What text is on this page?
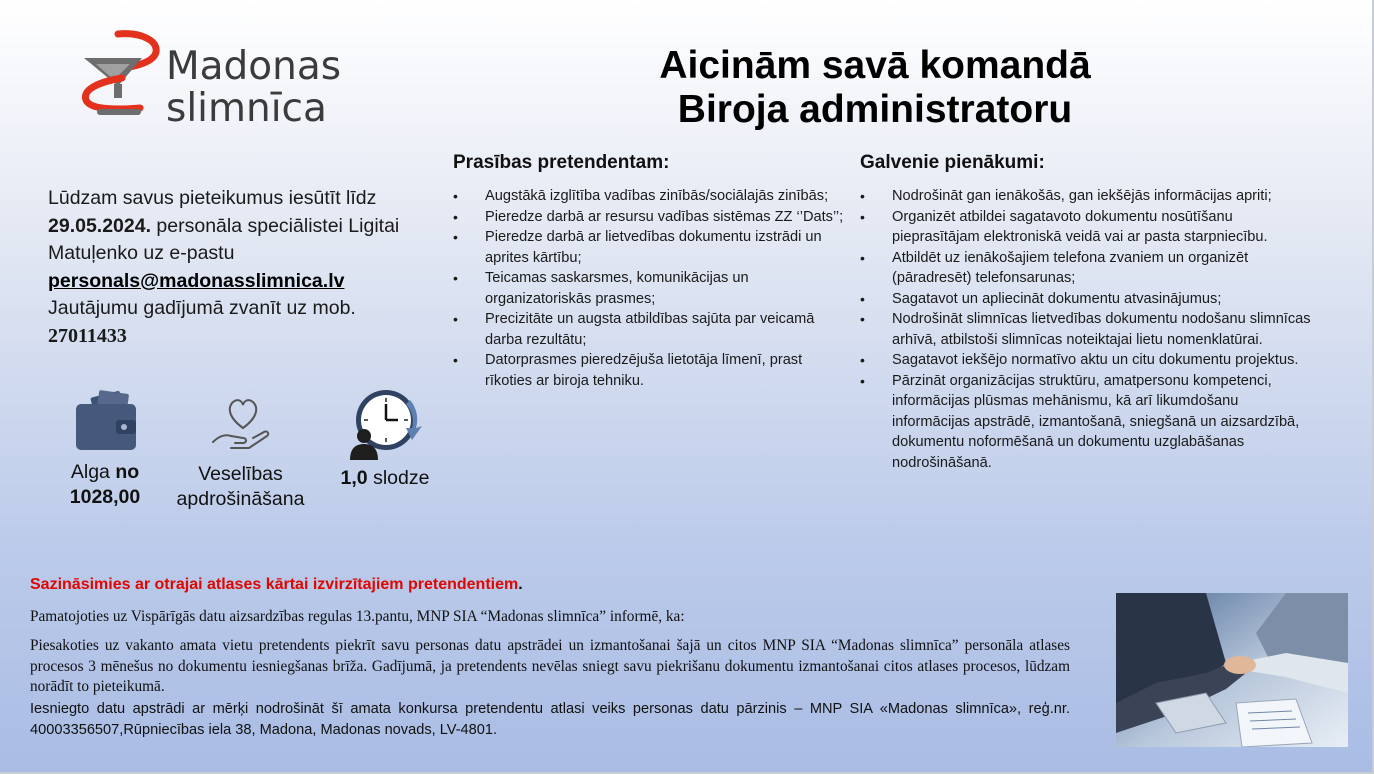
Madonas
slimnīca
Aicinām savā komandā
Biroja administratoru
Lūdzam savus pieteikumus iesūtīt līdz 29.05.2024. personāla speciālistei Ligitai Matuļenko uz e-pastu
personals@madonasslimnica.lv
Jautājumu gadījumā zvanīt uz mob.
27011433
Alga no 1028,00
Veselības apdrošināšana
1,0 slodze
Prasības pretendentam:
• Augstākā izglītība vadības zinībās/sociālajās zinībās;
• Pieredze darbā ar resursu vadības sistēmas ZZ ‘’Dats’’;
• Pieredze darbā ar lietvedības dokumentu izstrādi un aprites kārtību;
• Teicamas saskarsmes, komunikācijas un organizatoriskās prasmes;
• Precizitāte un augsta atbildības sajūta par veicamā darba rezultātu;
• Datorprasmes pieredzējuša lietotāja līmenī, prast rīkoties ar biroja tehniku.
Galvenie pienākumi:
• Nodrošināt gan ienākošās, gan iekšējās informācijas apriti;
• Organizēt atbildei sagatavoto dokumentu nosūtīšanu pieprasītājam elektroniskā veidā vai ar pasta starpniecību.
• Atbildēt uz ienākošajiem telefona zvaniem un organizēt (pāradresēt) telefonsarunas;
• Sagatavot un apliecināt dokumentu atvasinājumus;
• Nodrošināt slimnīcas lietvedības dokumentu nodošanu slimnīcas arhīvā, atbilstoši slimnīcas noteiktajai lietu nomenklatūrai.
• Sagatavot iekšējo normatīvo aktu un citu dokumentu projektus.
• Pārzināt organizācijas struktūru, amatpersonu kompetenci, informācijas plūsmas mehānismu, kā arī likumdošanu informācijas apstrādē, izmantošanā, sniegšanā un aizsardzībā, dokumentu noformēšanā un dokumentu uzglabāšanas nodrošināšanā.
Sazināsimies ar otrajai atlases kārtai izvirzītajiem pretendentiem.
Pamatojoties uz Vispārīgās datu aizsardzības regulas 13.pantu, MNP SIA “Madonas slimnīca” informē, ka:
Piesakoties uz vakanto amata vietu pretendents piekrīt savu personas datu apstrādei un izmantošanai šajā un citos MNP SIA “Madonas slimnīca” personāla atlases procesos 3 mēnešus no dokumentu iesniegšanas brīža. Gadījumā, ja pretendents nevēlas sniegt savu piekrišanu dokumentu izmantošanai citos atlases procesos, lūdzam norādīt to pieteikumā.
Iesniegto datu apstrādi ar mērķi nodrošināt šī amata konkursa pretendentu atlasi veiks personas datu pārzinis – MNP SIA «Madonas slimnīca», reģ.nr. 40003356507,Rūpniecības iela 38, Madona, Madonas novads, LV-4801.
